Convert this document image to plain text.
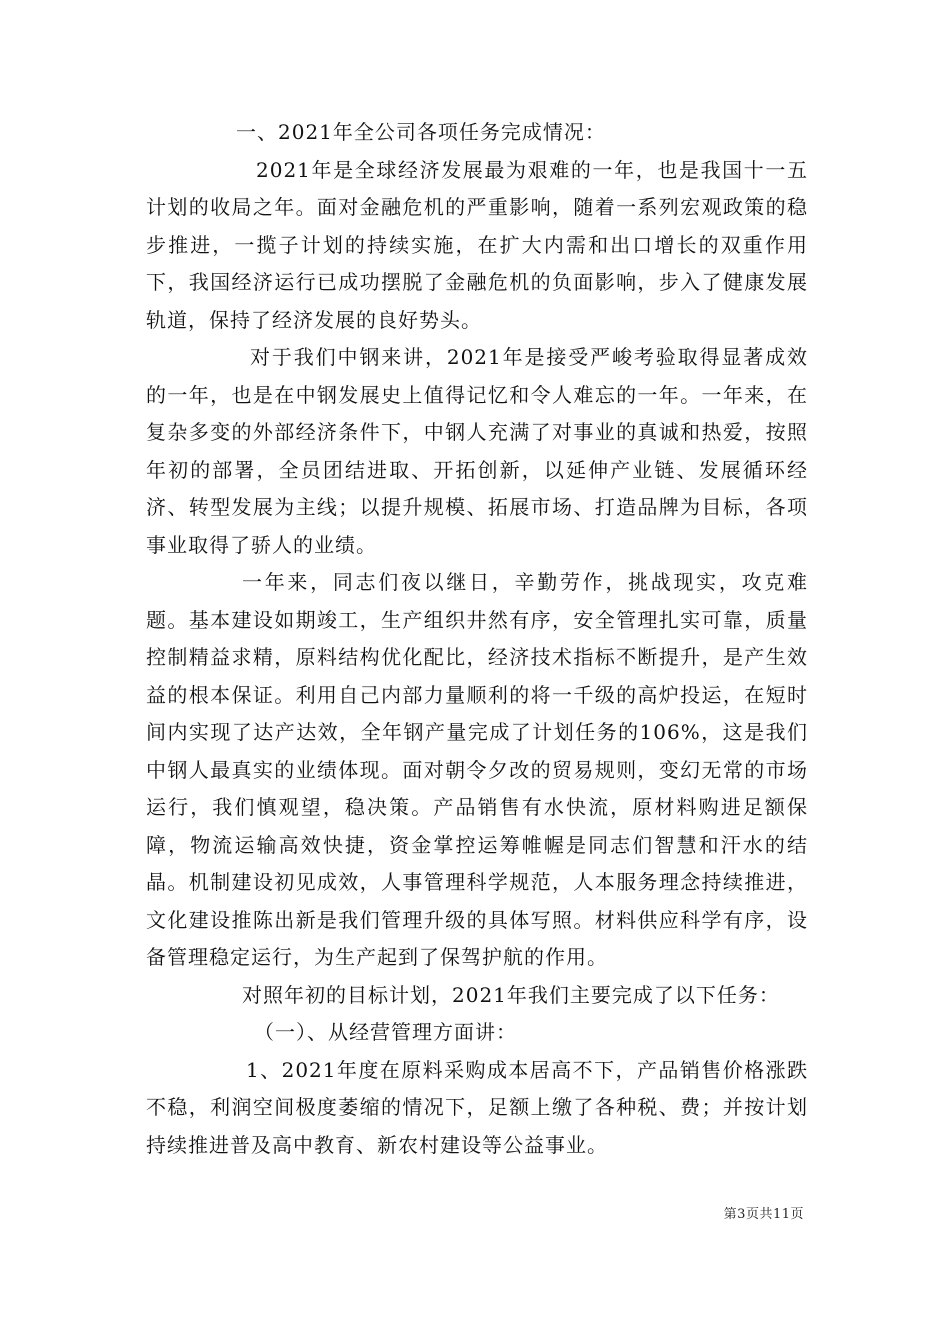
一、2021年全公司各项任务完成情况：

2021年是全球经济发展最为艰难的一年，也是我国十一五计划的收局之年。面对金融危机的严重影响，随着一系列宏观政策的稳步推进，一揽子计划的持续实施，在扩大内需和出口增长的双重作用下，我国经济运行已成功摆脱了金融危机的负面影响，步入了健康发展轨道，保持了经济发展的良好势头。

对于我们中钢来讲，2021年是接受严峻考验取得显著成效的一年，也是在中钢发展史上值得记忆和令人难忘的一年。一年来，在复杂多变的外部经济条件下，中钢人充满了对事业的真诚和热爱，按照年初的部署，全员团结进取、开拓创新，以延伸产业链、发展循环经济、转型发展为主线；以提升规模、拓展市场、打造品牌为目标，各项事业取得了骄人的业绩。

一年来，同志们夜以继日，辛勤劳作，挑战现实，攻克难题。基本建设如期竣工，生产组织井然有序，安全管理扎实可靠，质量控制精益求精，原料结构优化配比，经济技术指标不断提升，是产生效益的根本保证。利用自己内部力量顺利的将一千级的高炉投运，在短时间内实现了达产达效，全年钢产量完成了计划任务的106%，这是我们中钢人最真实的业绩体现。面对朝令夕改的贸易规则，变幻无常的市场运行，我们慎观望，稳决策。产品销售有水快流，原材料购进足额保障，物流运输高效快捷，资金掌控运筹帷幄是同志们智慧和汗水的结晶。机制建设初见成效，人事管理科学规范，人本服务理念持续推进，文化建设推陈出新是我们管理升级的具体写照。材料供应科学有序，设备管理稳定运行，为生产起到了保驾护航的作用。

对照年初的目标计划，2021年我们主要完成了以下任务：

（一）、从经营管理方面讲：

1、2021年度在原料采购成本居高不下，产品销售价格涨跌不稳，利润空间极度萎缩的情况下，足额上缴了各种税、费；并按计划持续推进普及高中教育、新农村建设等公益事业。

第3页共11页
